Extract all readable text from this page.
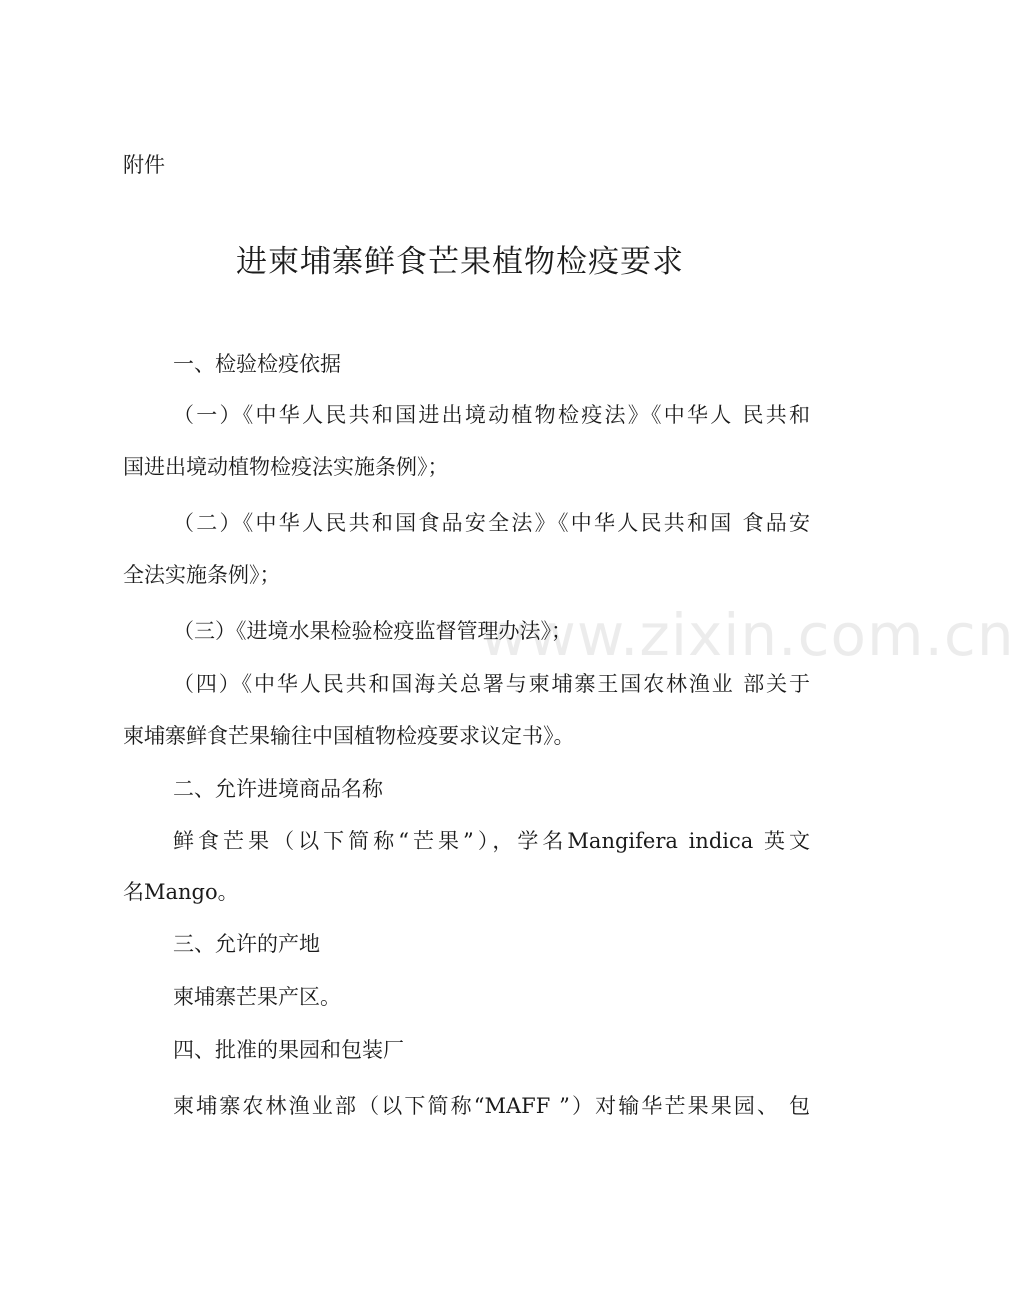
www.zixin.com.cn
附件
进柬埔寨鲜食芒果植物检疫要求
一、检验检疫依据
（一）《中华人民共和国进出境动植物检疫法》《中华人 民共和
国进出境动植物检疫法实施条例》；
（二）《中华人民共和国食品安全法》《中华人民共和国 食品安
全法实施条例》；
（三）《进境水果检验检疫监督管理办法》；
（四）《中华人民共和国海关总署与柬埔寨王国农林渔业 部关于
柬埔寨鲜食芒果输往中国植物检疫要求议定书》。
二、允许进境商品名称
鲜食芒果（以下简称“芒果”），学名Mangifera indica 英文
名Mango。
三、允许的产地
柬埔寨芒果产区。
四、批准的果园和包装厂
柬埔寨农林渔业部（以下简称“MAFF ”）对输华芒果果园、 包
